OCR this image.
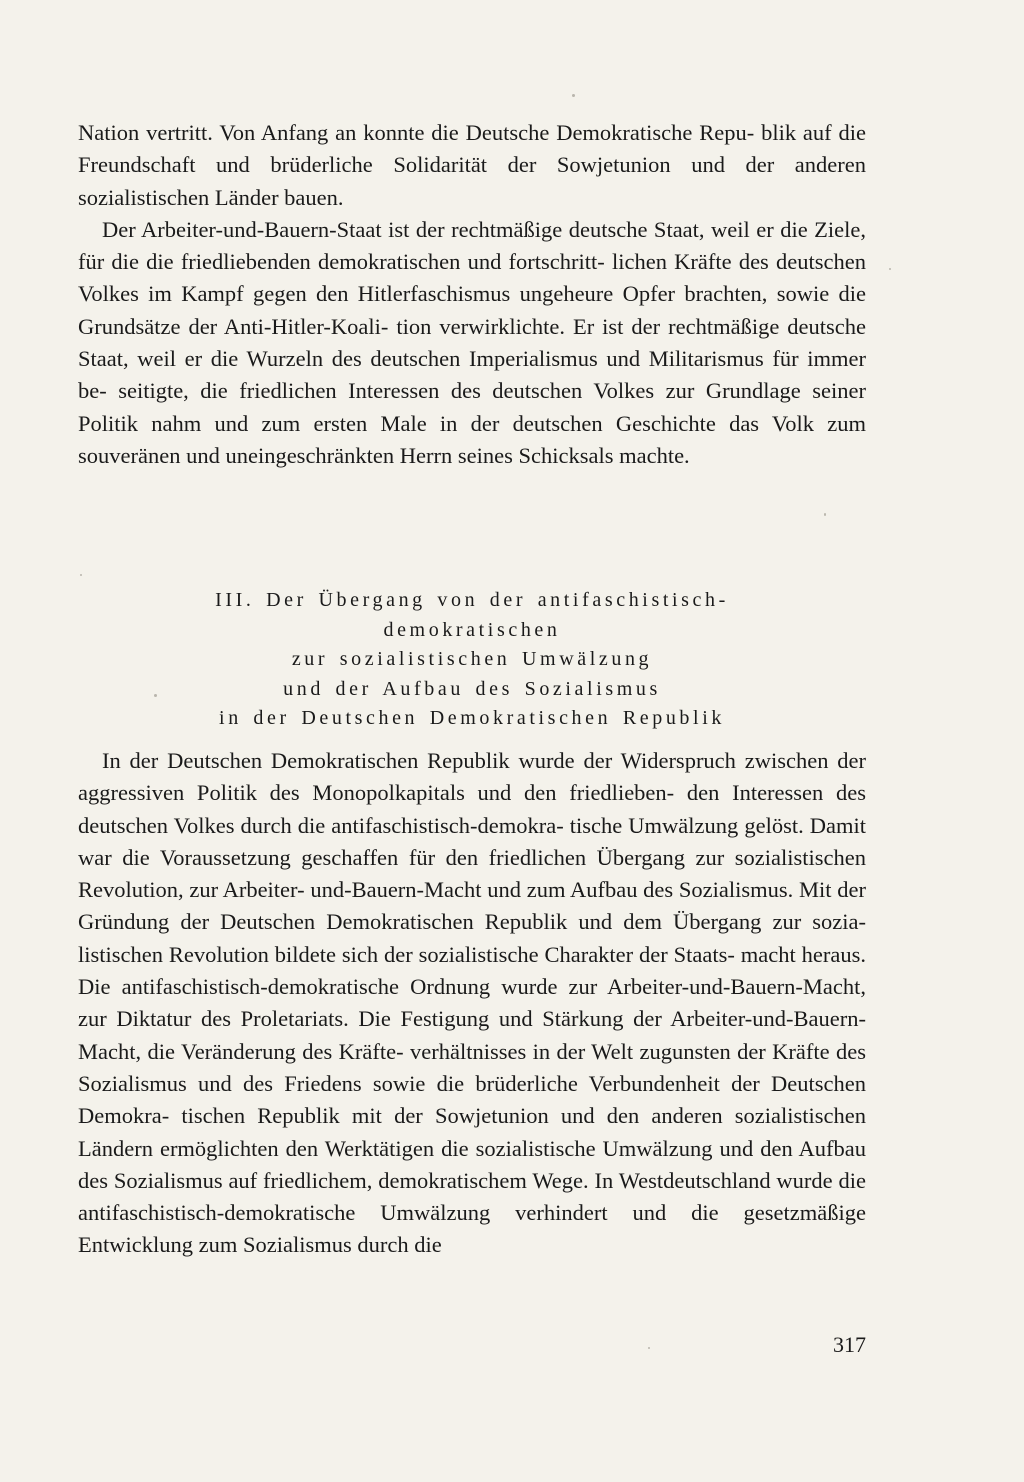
Nation vertritt. Von Anfang an konnte die Deutsche Demokratische Repu- blik auf die Freundschaft und brüderliche Solidarität der Sowjetunion und der anderen sozialistischen Länder bauen.

Der Arbeiter-und-Bauern-Staat ist der rechtmäßige deutsche Staat, weil er die Ziele, für die die friedliebenden demokratischen und fortschritt- lichen Kräfte des deutschen Volkes im Kampf gegen den Hitlerfaschismus ungeheure Opfer brachten, sowie die Grundsätze der Anti-Hitler-Koali- tion verwirklichte. Er ist der rechtmäßige deutsche Staat, weil er die Wurzeln des deutschen Imperialismus und Militarismus für immer be- seitigte, die friedlichen Interessen des deutschen Volkes zur Grundlage seiner Politik nahm und zum ersten Male in der deutschen Geschichte das Volk zum souveränen und uneingeschränkten Herrn seines Schicksals machte.

III. Der Übergang von der antifaschistisch-
demokratischen
zur sozialistischen Umwälzung
und der Aufbau des Sozialismus
in der Deutschen Demokratischen Republik

In der Deutschen Demokratischen Republik wurde der Widerspruch zwischen der aggressiven Politik des Monopolkapitals und den friedlieben- den Interessen des deutschen Volkes durch die antifaschistisch-demokra- tische Umwälzung gelöst. Damit war die Voraussetzung geschaffen für den friedlichen Übergang zur sozialistischen Revolution, zur Arbeiter- und-Bauern-Macht und zum Aufbau des Sozialismus. Mit der Gründung der Deutschen Demokratischen Republik und dem Übergang zur sozia- listischen Revolution bildete sich der sozialistische Charakter der Staats- macht heraus. Die antifaschistisch-demokratische Ordnung wurde zur Arbeiter-und-Bauern-Macht, zur Diktatur des Proletariats. Die Festigung und Stärkung der Arbeiter-und-Bauern-Macht, die Veränderung des Kräfte- verhältnisses in der Welt zugunsten der Kräfte des Sozialismus und des Friedens sowie die brüderliche Verbundenheit der Deutschen Demokra- tischen Republik mit der Sowjetunion und den anderen sozialistischen Ländern ermöglichten den Werktätigen die sozialistische Umwälzung und den Aufbau des Sozialismus auf friedlichem, demokratischem Wege. In Westdeutschland wurde die antifaschistisch-demokratische Umwälzung verhindert und die gesetzmäßige Entwicklung zum Sozialismus durch die

317
